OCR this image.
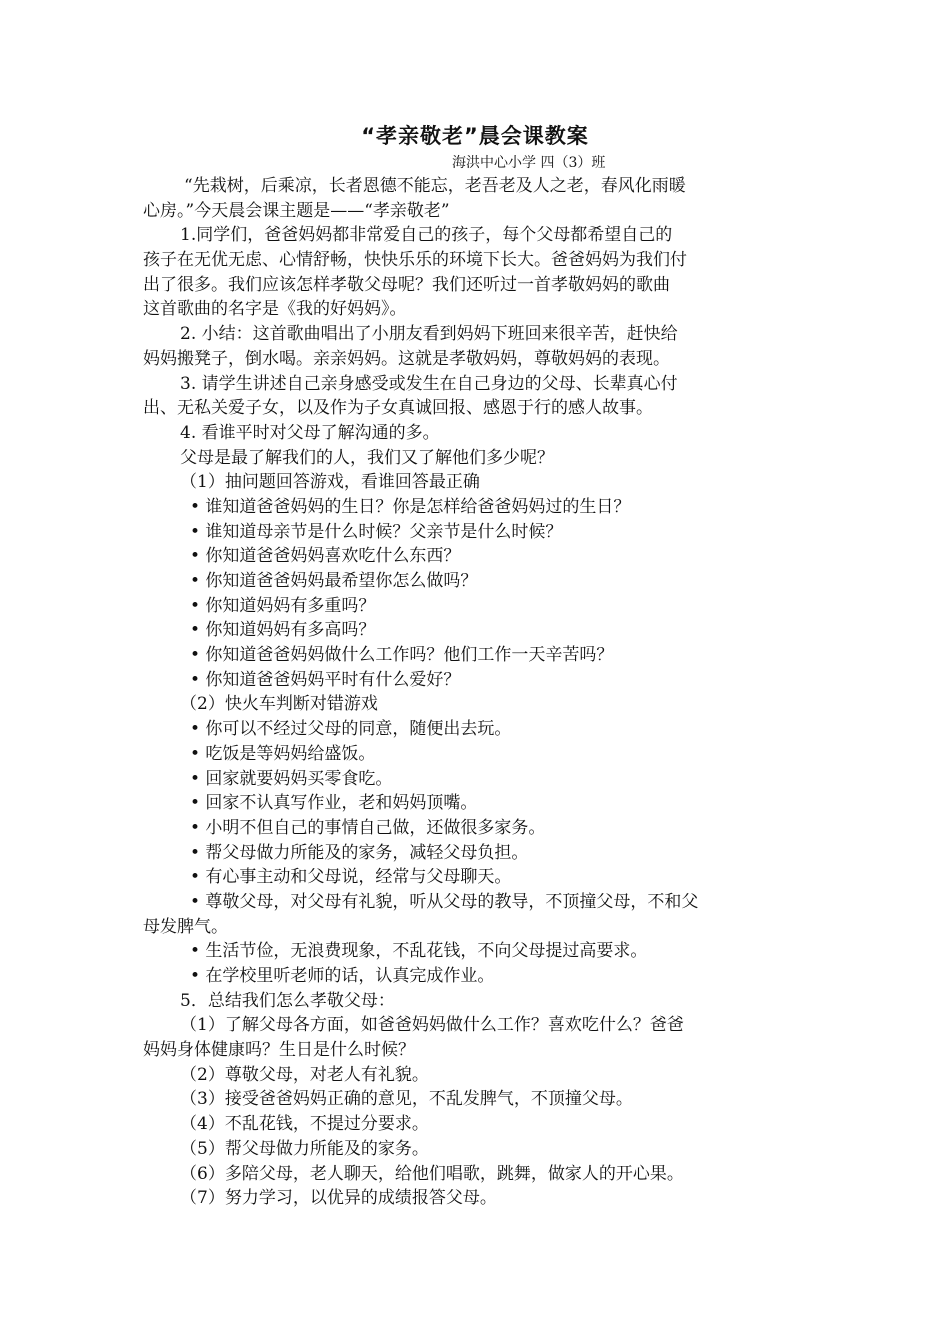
“孝亲敬老”晨会课教案
海洪中心小学 四（3）班
“先栽树，后乘凉，长者恩德不能忘，老吾老及人之老，春风化雨暖
心房。”今天晨会课主题是——“孝亲敬老”
1.同学们，爸爸妈妈都非常爱自己的孩子，每个父母都希望自己的
孩子在无优无虑、心情舒畅，快快乐乐的环境下长大。爸爸妈妈为我们付
出了很多。我们应该怎样孝敬父母呢？我们还听过一首孝敬妈妈的歌曲
这首歌曲的名字是《我的好妈妈》。
2. 小结：这首歌曲唱出了小朋友看到妈妈下班回来很辛苦，赶快给
妈妈搬凳子，倒水喝。亲亲妈妈。这就是孝敬妈妈，尊敬妈妈的表现。
3. 请学生讲述自己亲身感受或发生在自己身边的父母、长辈真心付
出、无私关爱子女，以及作为子女真诚回报、感恩于行的感人故事。
4. 看谁平时对父母了解沟通的多。
父母是最了解我们的人，我们又了解他们多少呢？
（1）抽问题回答游戏，看谁回答最正确
• 谁知道爸爸妈妈的生日？你是怎样给爸爸妈妈过的生日？
• 谁知道母亲节是什么时候？父亲节是什么时候？
• 你知道爸爸妈妈喜欢吃什么东西？
• 你知道爸爸妈妈最希望你怎么做吗？
• 你知道妈妈有多重吗？
• 你知道妈妈有多高吗？
• 你知道爸爸妈妈做什么工作吗？他们工作一天辛苦吗？
• 你知道爸爸妈妈平时有什么爱好？
（2）快火车判断对错游戏
• 你可以不经过父母的同意，随便出去玩。
• 吃饭是等妈妈给盛饭。
• 回家就要妈妈买零食吃。
• 回家不认真写作业，老和妈妈顶嘴。
• 小明不但自己的事情自己做，还做很多家务。
• 帮父母做力所能及的家务，减轻父母负担。
• 有心事主动和父母说，经常与父母聊天。
• 尊敬父母，对父母有礼貌，听从父母的教导，不顶撞父母，不和父
母发脾气。
• 生活节俭，无浪费现象，不乱花钱，不向父母提过高要求。
• 在学校里听老师的话，认真完成作业。
5．总结我们怎么孝敬父母：
（1）了解父母各方面，如爸爸妈妈做什么工作？喜欢吃什么？爸爸
妈妈身体健康吗？生日是什么时候？
（2）尊敬父母，对老人有礼貌。
（3）接受爸爸妈妈正确的意见，不乱发脾气，不顶撞父母。
（4）不乱花钱，不提过分要求。
（5）帮父母做力所能及的家务。
（6）多陪父母，老人聊天，给他们唱歌，跳舞，做家人的开心果。
（7）努力学习，以优异的成绩报答父母。
